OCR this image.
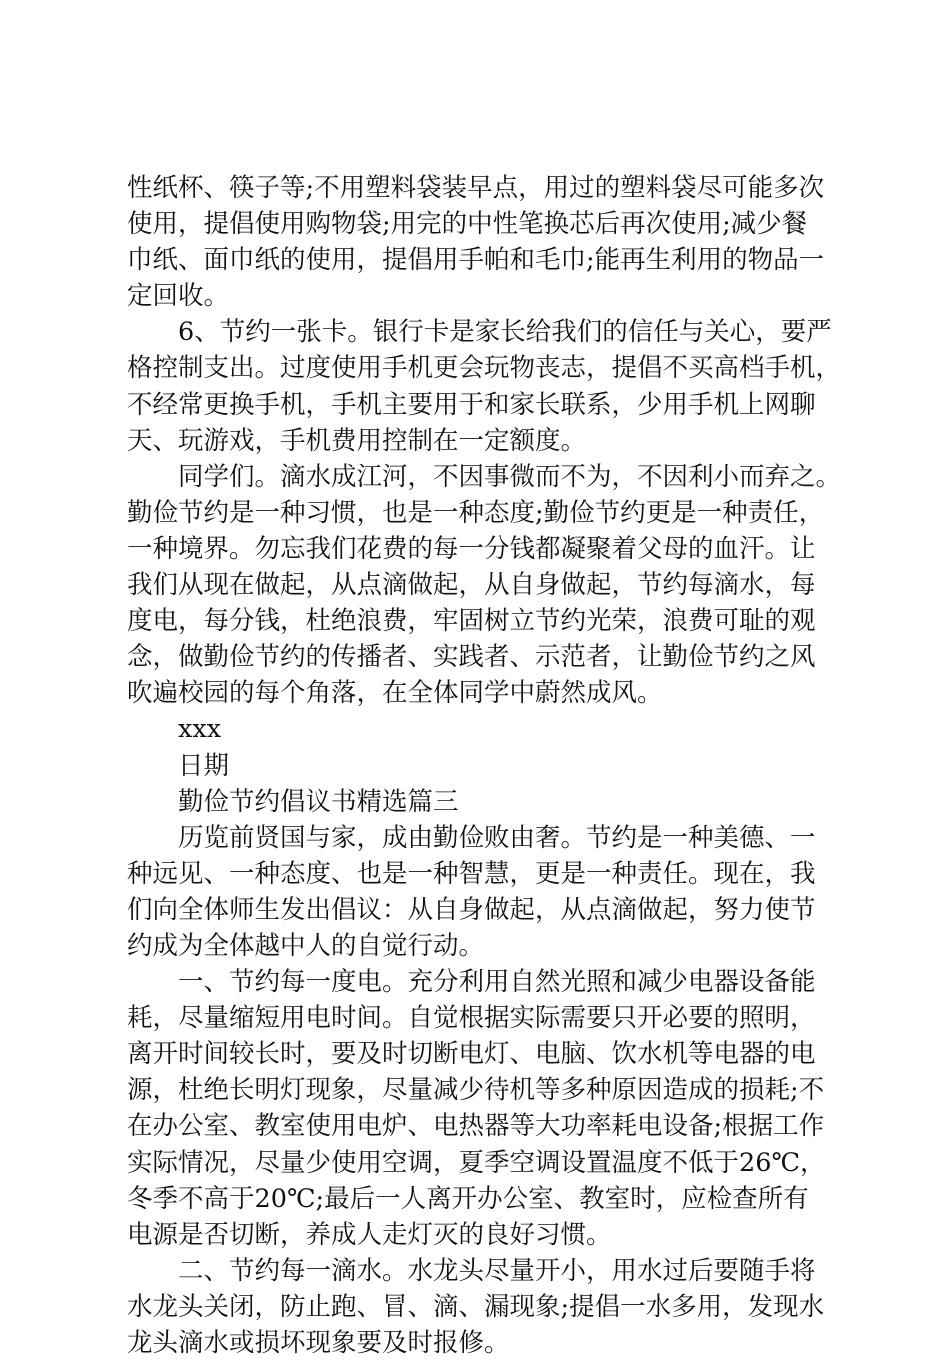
性纸杯、筷子等;不用塑料袋装早点，用过的塑料袋尽可能多次
使用，提倡使用购物袋;用完的中性笔换芯后再次使用;减少餐
巾纸、面巾纸的使用，提倡用手帕和毛巾;能再生利用的物品一
定回收。
　　6、节约一张卡。银行卡是家长给我们的信任与关心，要严
格控制支出。过度使用手机更会玩物丧志，提倡不买高档手机，
不经常更换手机，手机主要用于和家长联系，少用手机上网聊
天、玩游戏，手机费用控制在一定额度。
　　同学们。滴水成江河，不因事微而不为，不因利小而弃之。
勤俭节约是一种习惯，也是一种态度;勤俭节约更是一种责任，
一种境界。勿忘我们花费的每一分钱都凝聚着父母的血汗。让
我们从现在做起，从点滴做起，从自身做起，节约每滴水，每
度电，每分钱，杜绝浪费，牢固树立节约光荣，浪费可耻的观
念，做勤俭节约的传播者、实践者、示范者，让勤俭节约之风
吹遍校园的每个角落，在全体同学中蔚然成风。
　　xxx
　　日期
　　勤俭节约倡议书精选篇三
　　历览前贤国与家，成由勤俭败由奢。节约是一种美德、一
种远见、一种态度、也是一种智慧，更是一种责任。现在，我
们向全体师生发出倡议：从自身做起，从点滴做起，努力使节
约成为全体越中人的自觉行动。
　　一、节约每一度电。充分利用自然光照和减少电器设备能
耗，尽量缩短用电时间。自觉根据实际需要只开必要的照明，
离开时间较长时，要及时切断电灯、电脑、饮水机等电器的电
源，杜绝长明灯现象，尽量减少待机等多种原因造成的损耗;不
在办公室、教室使用电炉、电热器等大功率耗电设备;根据工作
实际情况，尽量少使用空调，夏季空调设置温度不低于26℃，
冬季不高于20℃;最后一人离开办公室、教室时，应检查所有
电源是否切断，养成人走灯灭的良好习惯。
　　二、节约每一滴水。水龙头尽量开小，用水过后要随手将
水龙头关闭，防止跑、冒、滴、漏现象;提倡一水多用，发现水
龙头滴水或损坏现象要及时报修。
